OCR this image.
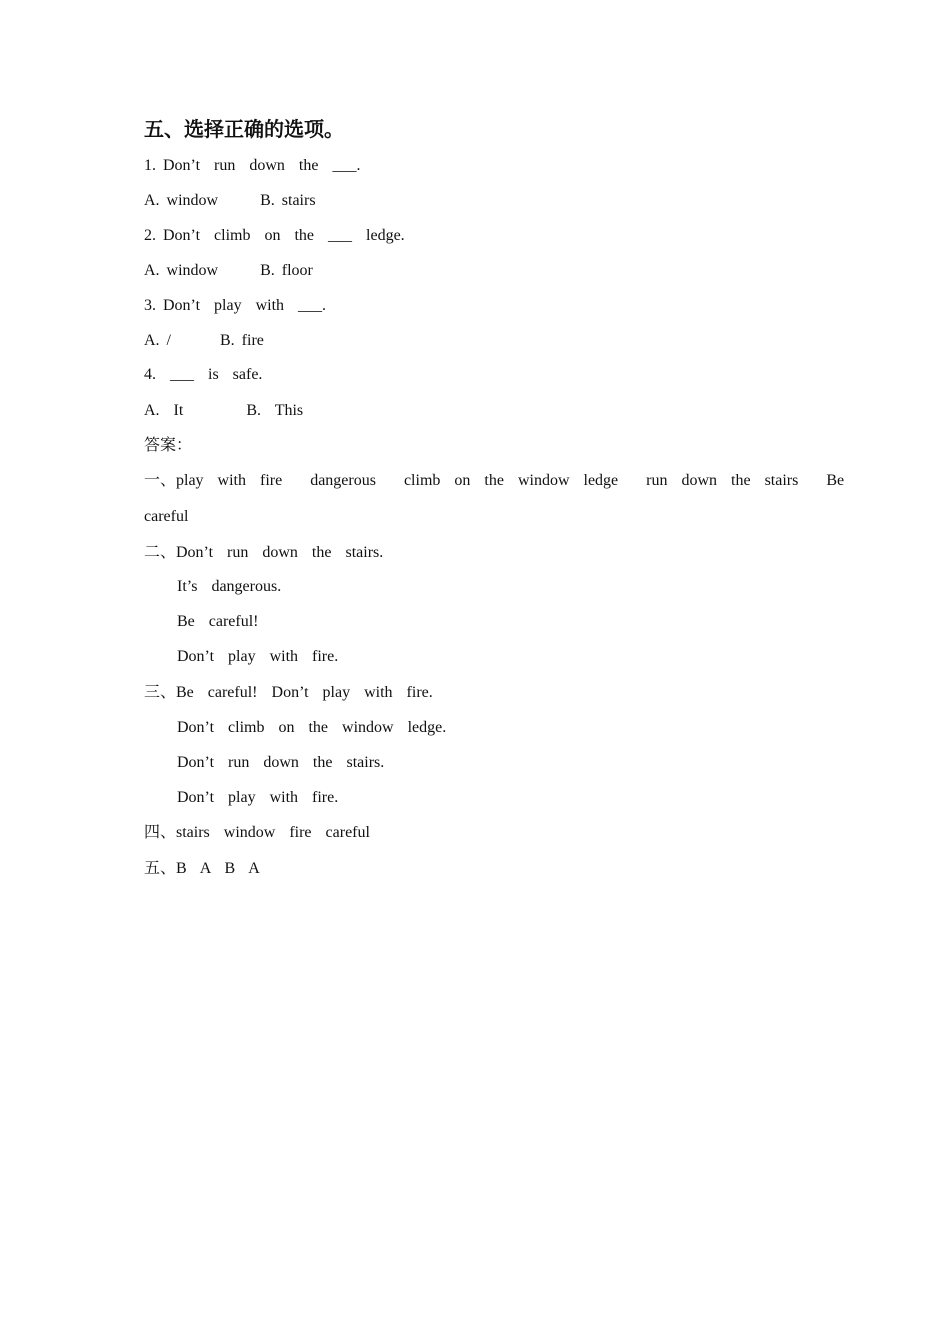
五、选择正确的选项。
1. Don’t  run  down  the  ___.
A. window      B. stairs
2. Don’t  climb  on  the  ___  ledge.
A. window      B. floor
3. Don’t  play  with  ___.
A. /       B. fire
4.  ___  is  safe.
A.  It         B.  This
答案：
一、play  with  fire    dangerous    climb  on  the  window  ledge    run  down  the  stairs    Be
careful
二、Don’t  run  down  the  stairs.
It’s  dangerous.
Be  careful!
Don’t  play  with  fire.
三、Be  careful!  Don’t  play  with  fire.
Don’t  climb  on  the  window  ledge.
Don’t  run  down  the  stairs.
Don’t  play  with  fire.
四、stairs  window  fire  careful
五、B  A  B  A
